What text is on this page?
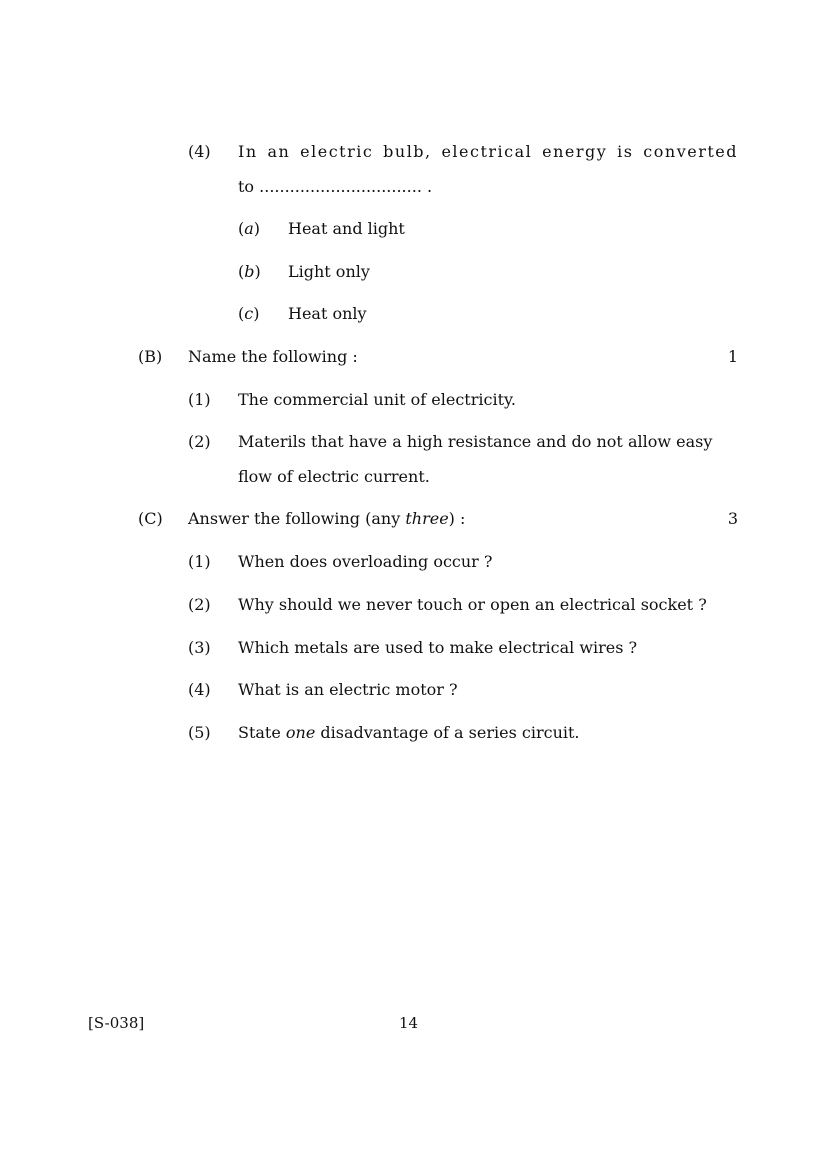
(4) In an electric bulb, electrical energy is converted
to ................................ .
(a) Heat and light
(b) Light only
(c) Heat only
(B) Name the following :	1
(1) The commercial unit of electricity.
(2) Materils that have a high resistance and do not allow easy flow of electric current.
(C) Answer the following (any three) :	3
(1) When does overloading occur ?
(2) Why should we never touch or open an electrical socket ?
(3) Which metals are used to make electrical wires ?
(4) What is an electric motor ?
(5) State one disadvantage of a series circuit.
[S-038]	14
